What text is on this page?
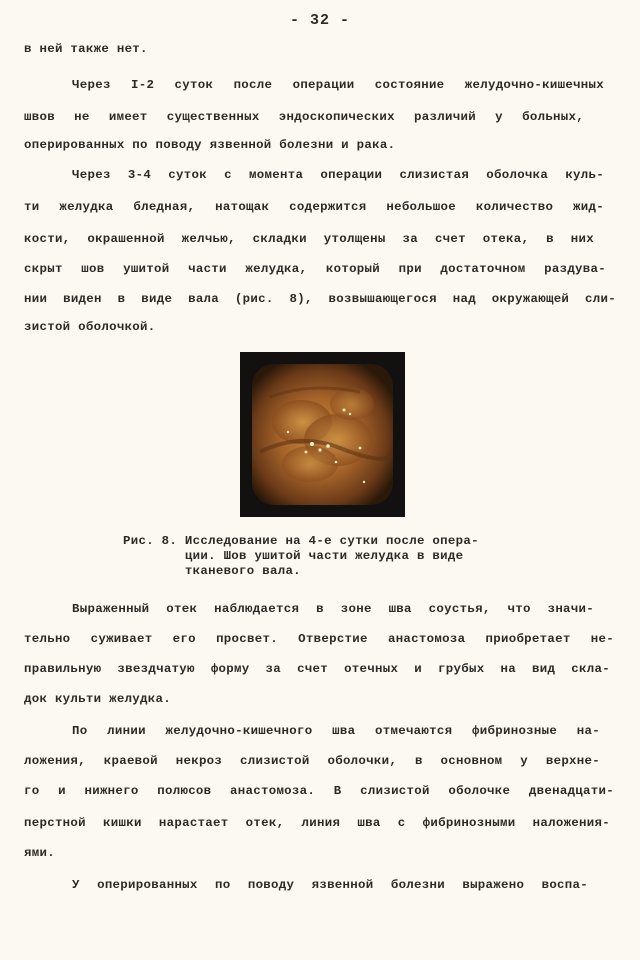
- 32 -
в ней также нет.
Через I-2 суток после операции состояние желудочно-кишечных
швов не имеет существенных эндоскопических различий у больных,
оперированных по поводу язвенной болезни и рака.
Через 3-4 суток с момента операции слизистая оболочка куль-
ти желудка бледная, натощак содержится небольшое количество жид-
кости, окрашенной желчью, складки утолщены за счет отека, в них
скрыт шов ушитой части желудка, который при достаточном раздува-
нии виден в виде вала (рис. 8), возвышающегося над окружающей сли-
зистой оболочкой.
Рис. 8. Исследование на 4-е сутки после опера-
ции. Шов ушитой части желудка в виде
тканевого вала.
Выраженный отек наблюдается в зоне шва соустья, что значи-
тельно суживает его просвет. Отверстие анастомоза приобретает не-
правильную звездчатую форму за счет отечных и грубых на вид скла-
док культи желудка.
По линии желудочно-кишечного шва отмечаются фибринозные на-
ложения, краевой некроз слизистой оболочки, в основном у верхне-
го и нижнего полюсов анастомоза. В слизистой оболочке двенадцати-
перстной кишки нарастает отек, линия шва с фибринозными наложения-
ями.
У оперированных по поводу язвенной болезни выражено воспа-
